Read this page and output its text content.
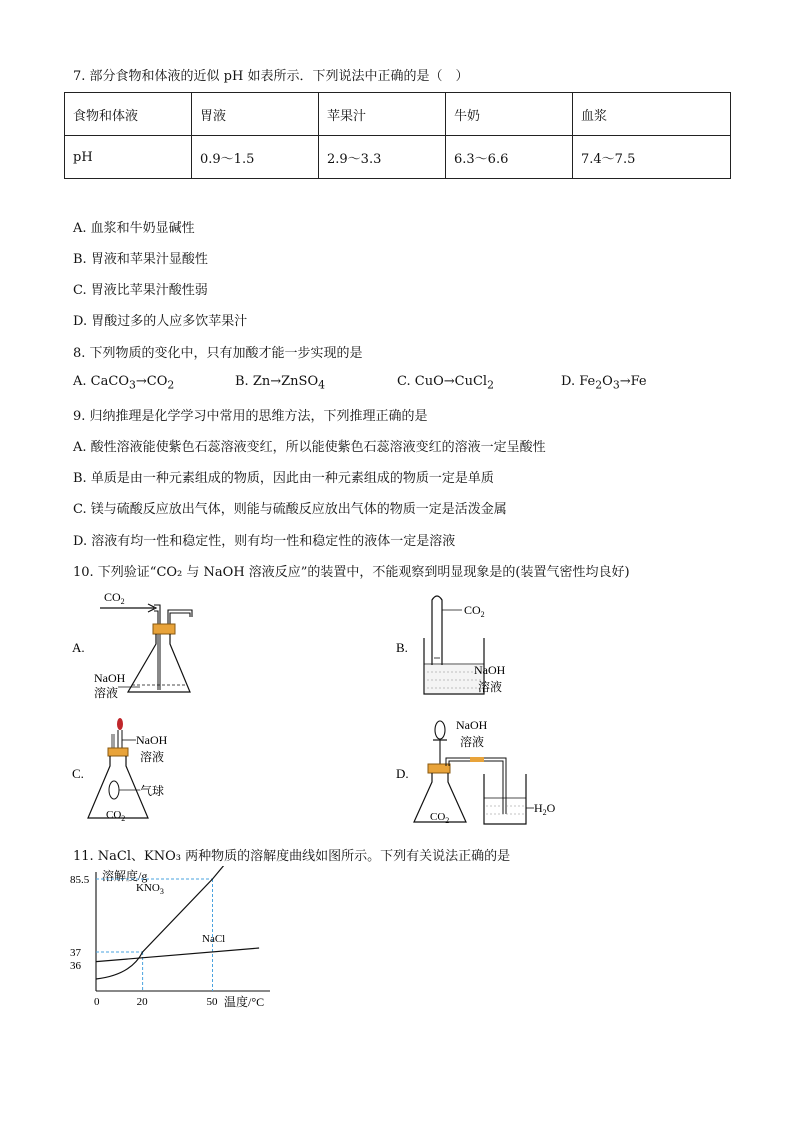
7. 部分食物和体液的近似 pH 如表所示．下列说法中正确的是（　）
食物和体液	胃液	苹果汁	牛奶	血浆
pH	0.9～1.5	2.9～3.3	6.3～6.6	7.4～7.5
A. 血浆和牛奶显碱性
B. 胃液和苹果汁显酸性
C. 胃液比苹果汁酸性弱
D. 胃酸过多的人应多饮苹果汁
8. 下列物质的变化中，只有加酸才能一步实现的是
A. $CaCO_3\to CO_2$	B. Zn→ZnSO$_4$	C. CuO→CuCl$_2$	D. $Fe_2O_3\to Fe$
9. 归纳推理是化学学习中常用的思维方法，下列推理正确的是
A. 酸性溶液能使紫色石蕊溶液变红，所以能使紫色石蕊溶液变红的溶液一定呈酸性
B. 单质是由一种元素组成的物质，因此由一种元素组成的物质一定是单质
C. 镁与硫酸反应放出气体，则能与硫酸反应放出气体的物质一定是活泼金属
D. 溶液有均一性和稳定性，则有均一性和稳定性的液体一定是溶液
10. 下列验证“CO₂ 与 NaOH 溶液反应”的装置中，不能观察到明显现象是的(装置气密性均良好)
A.
$CO_2$
NaOH
溶液
B.
$CO_2$
NaOH
溶液
C.
NaOH
溶液
气球
$CO_2$
D.
NaOH
溶液
$CO_2$
$H_2O$
11. NaCl、KNO₃ 两种物质的溶解度曲线如图所示。下列有关说法正确的是
溶解度/g
温度/°C
85.5
37
36
0	20	50
$KNO_3$
NaCl
